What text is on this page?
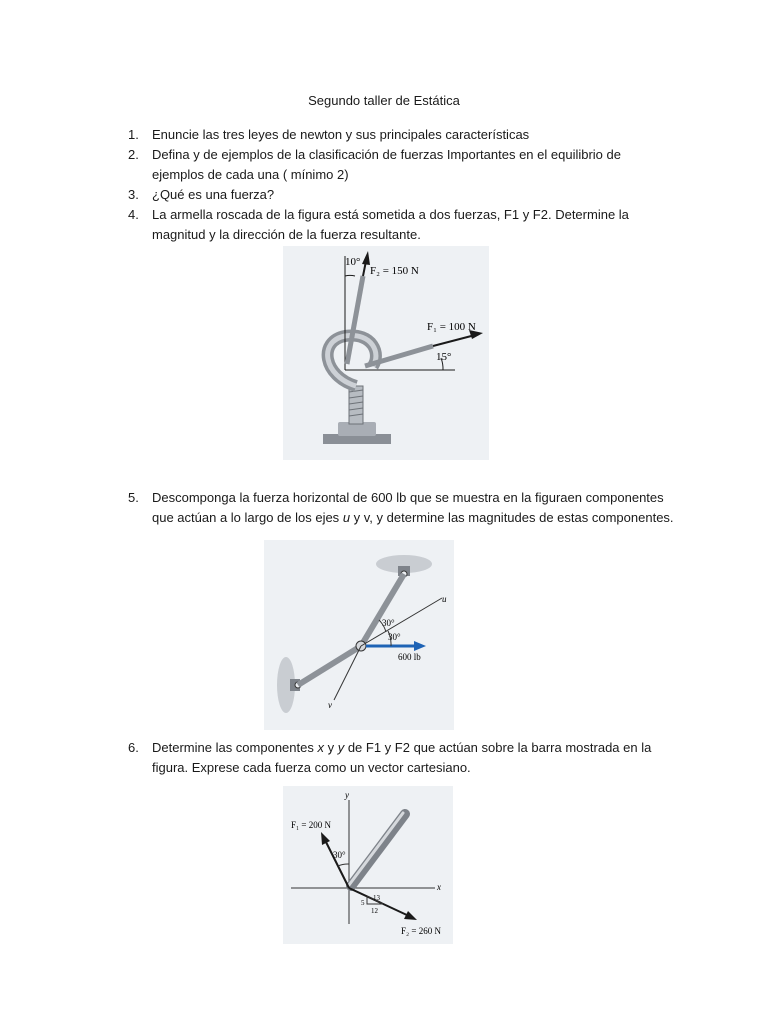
Segundo taller de Estática
1.	Enuncie las tres leyes de newton y sus principales características
2.	Defina y de ejemplos de la clasificación de fuerzas Importantes en el equilibrio de
ejemplos de cada una ( mínimo 2)
3.	¿Qué es una fuerza?
4.	La armella roscada de la figura está sometida a dos fuerzas, F1 y F2. Determine la
magnitud y la dirección de la fuerza resultante.
10°
F₂ = 150 N
F₁ = 100 N
15°
5.	Descomponga la fuerza horizontal de 600 lb que se muestra en la figuraen componentes
que actúan a lo largo de los ejes u y v, y determine las magnitudes de estas componentes.
30°
30°
600 lb
u
v
6.	Determine las componentes x y y de F1 y F2 que actúan sobre la barra mostrada en la
figura. Exprese cada fuerza como un vector cartesiano.
y
x
F₁ = 200 N
30°
13
5
12
F₂ = 260 N
